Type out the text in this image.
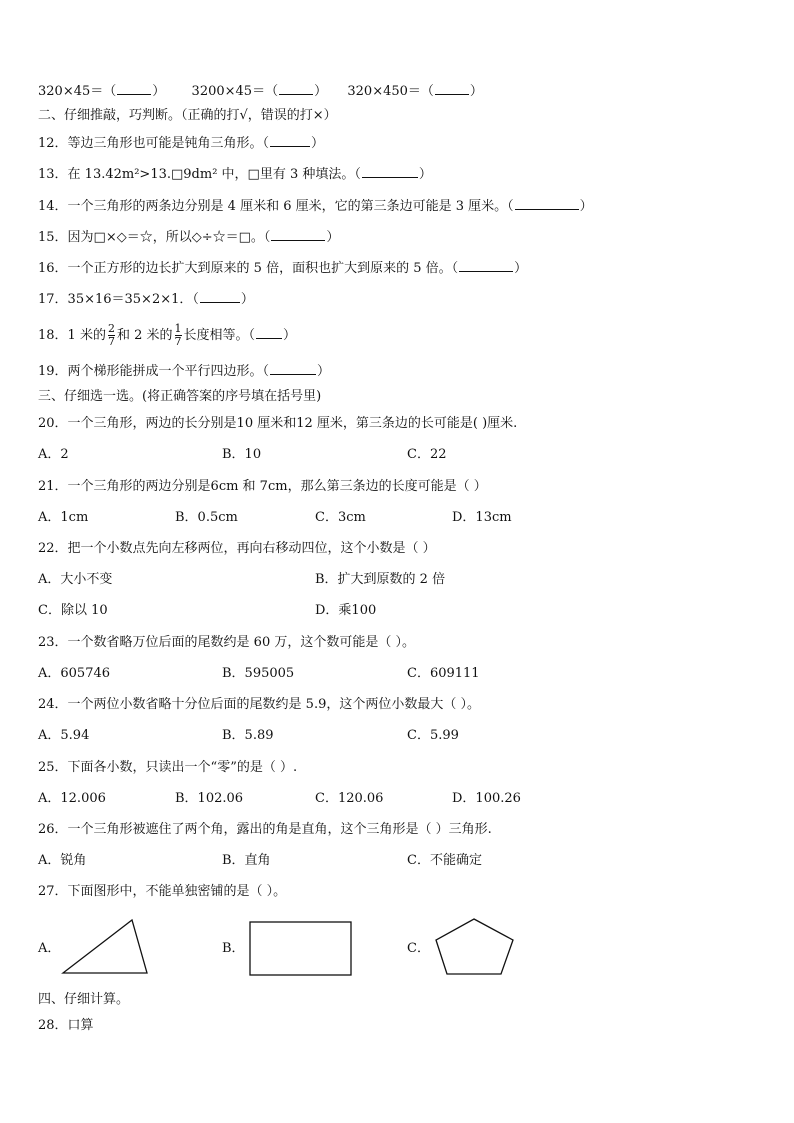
320×45＝（	） 3200×45＝（	） 320×450＝（	）
二、仔细推敲，巧判断。（正确的打√，错误的打×）
12．等边三角形也可能是钝角三角形。（	）
13．在 13.42m²>13.□9dm² 中，□里有 3 种填法。（	）
14．一个三角形的两条边分别是 4 厘米和 6 厘米，它的第三条边可能是 3 厘米。（	）
15．因为□×◇＝☆，所以◇÷☆＝□。（	）
16．一个正方形的边长扩大到原来的 5 倍，面积也扩大到原来的 5 倍。（	）
17．35×16＝35×2×1．（	）
18．1 米的 $\frac{2}{7}$ 和 2 米的 $\frac{1}{7}$ 长度相等。（ ）
19．两个梯形能拼成一个平行四边形。（	）
三、仔细选一选。(将正确答案的序号填在括号里)
20．一个三角形，两边的长分别是10 厘米和12 厘米，第三条边的长可能是( )厘米.
A．2	B．10	C．22
21．一个三角形的两边分别是6cm 和 7cm，那么第三条边的长度可能是（ ）
A．1cm	B．0.5cm	C．3cm	D．13cm
22．把一个小数点先向左移两位，再向右移动四位，这个小数是（ ）
A．大小不变	B．扩大到原数的 2 倍
C．除以 10	D．乘100
23．一个数省略万位后面的尾数约是 60 万，这个数可能是（ ）。
A．605746	B．595005	C．609111
24．一个两位小数省略十分位后面的尾数约是 5.9，这个两位小数最大（ ）。
A．5.94	B．5.89	C．5.99
25．下面各小数，只读出一个“零”的是（ ）.
A．12.006	B．102.06	C．120.06	D．100.26
26．一个三角形被遮住了两个角，露出的角是直角，这个三角形是（ ）三角形.
A．锐角	B．直角	C．不能确定
27．下面图形中，不能单独密铺的是（ ）。
A．	B．	C．
四、仔细计算。
28．口算
